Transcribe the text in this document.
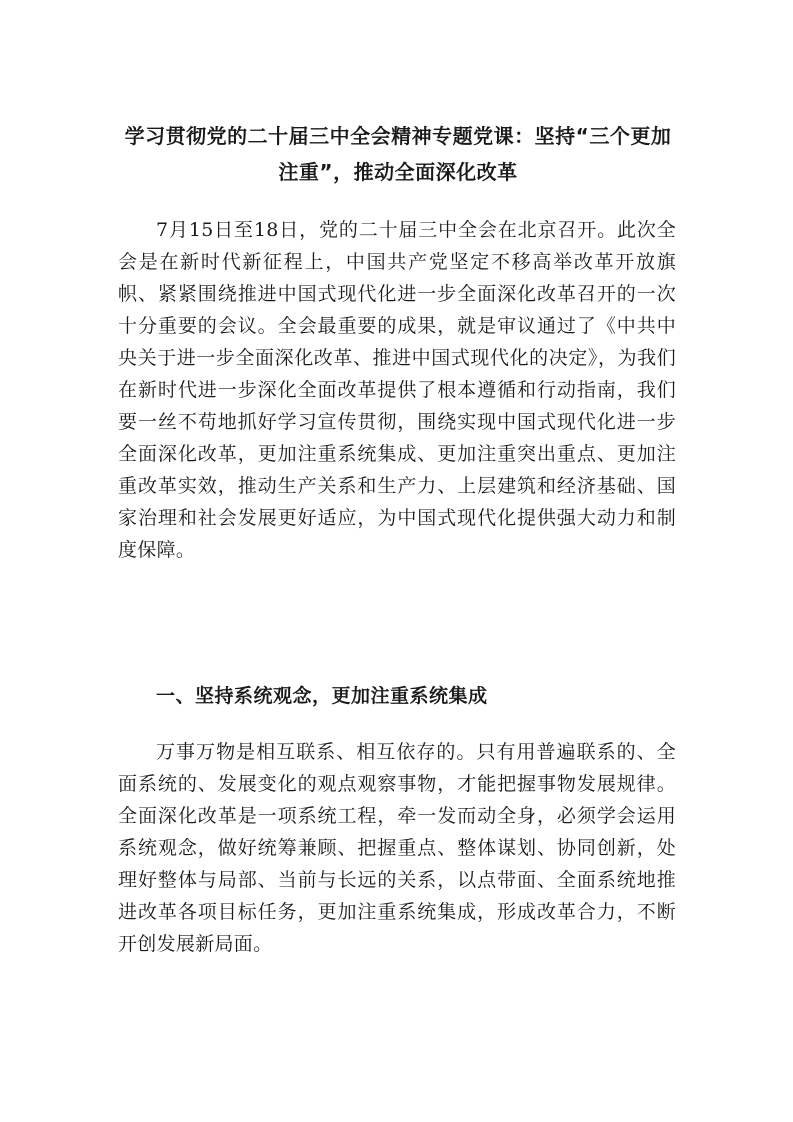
学习贯彻党的二十届三中全会精神专题党课：坚持“三个更加注重”，推动全面深化改革

7月15日至18日，党的二十届三中全会在北京召开。此次全会是在新时代新征程上，中国共产党坚定不移高举改革开放旗帜、紧紧围绕推进中国式现代化进一步全面深化改革召开的一次十分重要的会议。全会最重要的成果，就是审议通过了《中共中央关于进一步全面深化改革、推进中国式现代化的决定》，为我们在新时代进一步深化全面改革提供了根本遵循和行动指南，我们要一丝不苟地抓好学习宣传贯彻，围绕实现中国式现代化进一步全面深化改革，更加注重系统集成、更加注重突出重点、更加注重改革实效，推动生产关系和生产力、上层建筑和经济基础、国家治理和社会发展更好适应，为中国式现代化提供强大动力和制度保障。

一、坚持系统观念，更加注重系统集成

万事万物是相互联系、相互依存的。只有用普遍联系的、全面系统的、发展变化的观点观察事物，才能把握事物发展规律。全面深化改革是一项系统工程，牵一发而动全身，必须学会运用系统观念，做好统筹兼顾、把握重点、整体谋划、协同创新，处理好整体与局部、当前与长远的关系，以点带面、全面系统地推进改革各项目标任务，更加注重系统集成，形成改革合力，不断开创发展新局面。
